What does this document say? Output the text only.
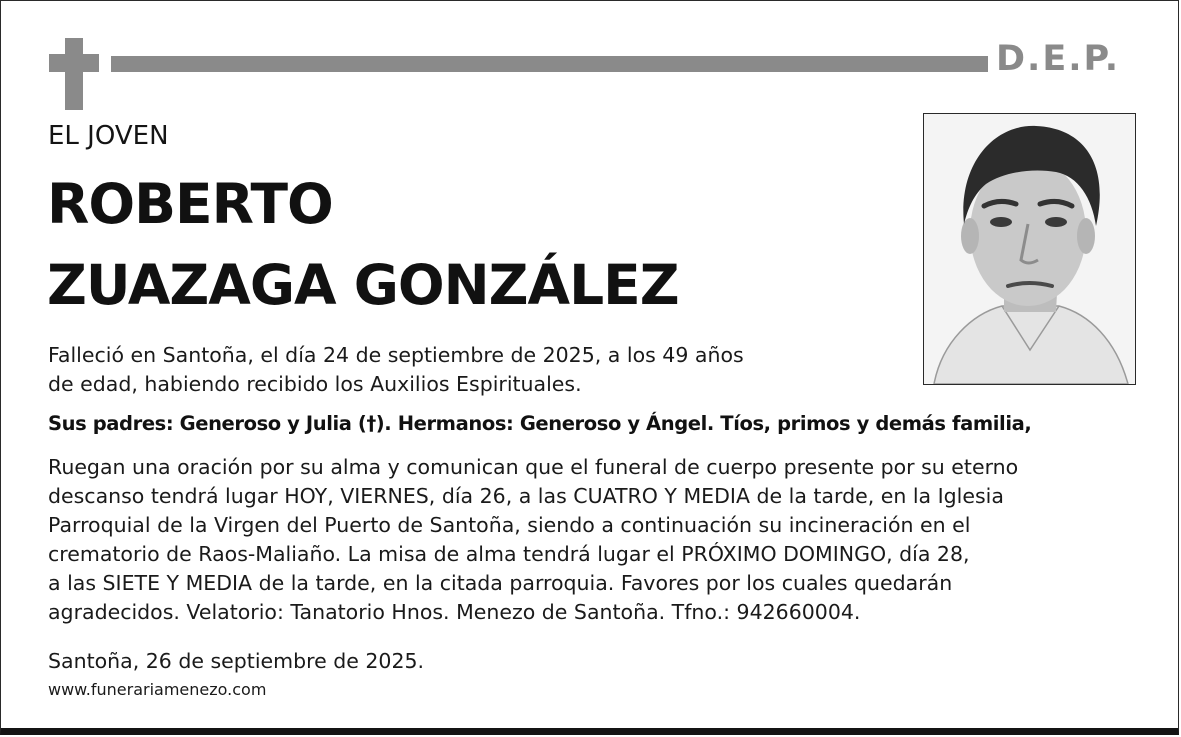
D.E.P.
EL JOVEN
ROBERTO
ZUAZAGA GONZÁLEZ
Falleció en Santoña, el día 24 de septiembre de 2025, a los 49 años
de edad, habiendo recibido los Auxilios Espirituales.
Sus padres: Generoso y Julia (†). Hermanos: Generoso y Ángel. Tíos, primos y demás familia,
Ruegan una oración por su alma y comunican que el funeral de cuerpo presente por su eterno
descanso tendrá lugar HOY, VIERNES, día 26, a las CUATRO Y MEDIA de la tarde, en la Iglesia
Parroquial de la Virgen del Puerto de Santoña, siendo a continuación su incineración en el
crematorio de Raos-Maliaño. La misa de alma tendrá lugar el PRÓXIMO DOMINGO, día 28,
a las SIETE Y MEDIA de la tarde, en la citada parroquia. Favores por los cuales quedarán
agradecidos. Velatorio: Tanatorio Hnos. Menezo de Santoña. Tfno.: 942660004.
Santoña, 26 de septiembre de 2025.
www.funerariamenezo.com
